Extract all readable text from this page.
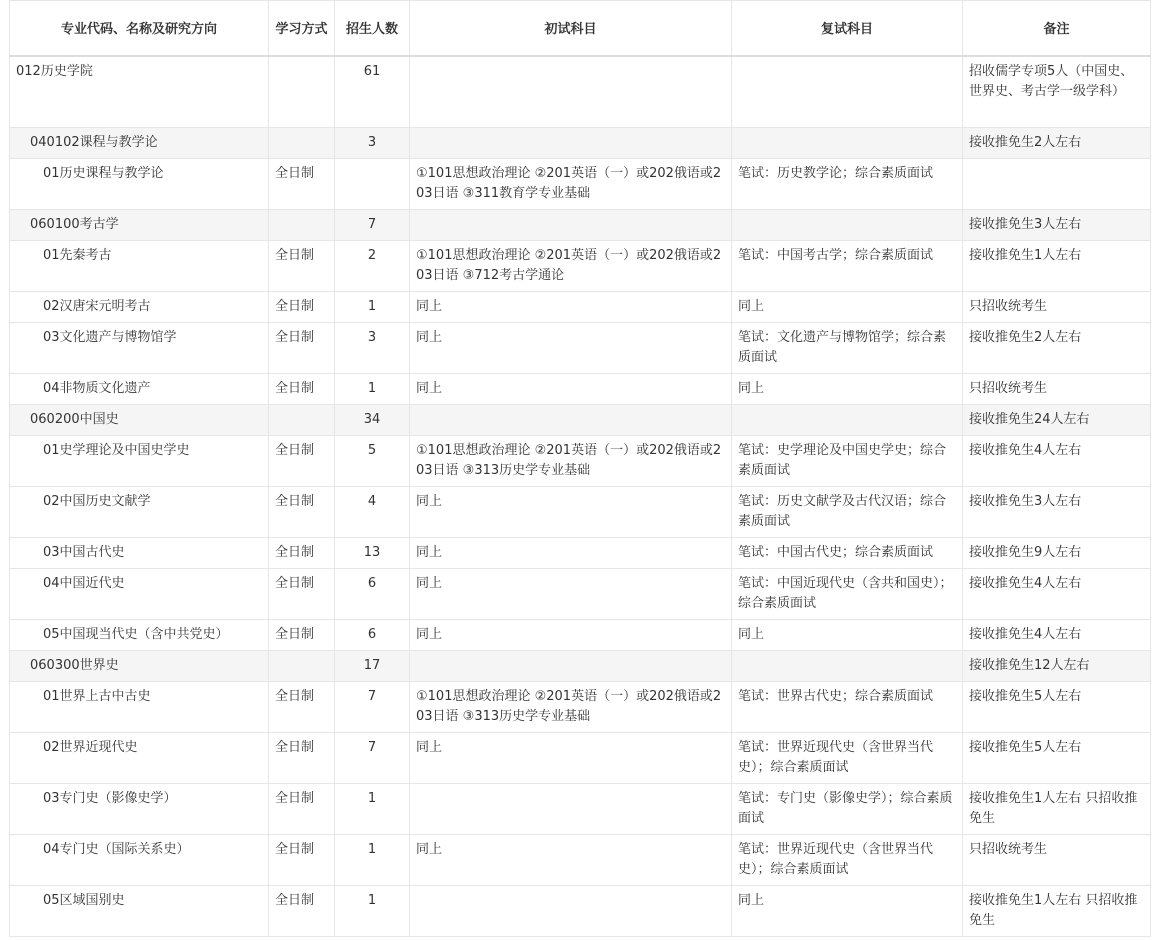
专业代码、名称及研究方向	学习方式	招生人数	初试科目	复试科目	备注
012历史学院		61			招收儒学专项5人（中国史、世界史、考古学一级学科）
040102课程与教学论		3			接收推免生2人左右
01历史课程与教学论	全日制		①101思想政治理论 ②201英语（一）或202俄语或203日语 ③311教育学专业基础	笔试：历史教学论；综合素质面试	
060100考古学		7			接收推免生3人左右
01先秦考古	全日制	2	①101思想政治理论 ②201英语（一）或202俄语或203日语 ③712考古学通论	笔试：中国考古学；综合素质面试	接收推免生1人左右
02汉唐宋元明考古	全日制	1	同上	同上	只招收统考生
03文化遗产与博物馆学	全日制	3	同上	笔试：文化遗产与博物馆学；综合素质面试	接收推免生2人左右
04非物质文化遗产	全日制	1	同上	同上	只招收统考生
060200中国史		34			接收推免生24人左右
01史学理论及中国史学史	全日制	5	①101思想政治理论 ②201英语（一）或202俄语或203日语 ③313历史学专业基础	笔试：史学理论及中国史学史；综合素质面试	接收推免生4人左右
02中国历史文献学	全日制	4	同上	笔试：历史文献学及古代汉语；综合素质面试	接收推免生3人左右
03中国古代史	全日制	13	同上	笔试：中国古代史；综合素质面试	接收推免生9人左右
04中国近代史	全日制	6	同上	笔试：中国近现代史（含共和国史）；综合素质面试	接收推免生4人左右
05中国现当代史（含中共党史）	全日制	6	同上	同上	接收推免生4人左右
060300世界史		17			接收推免生12人左右
01世界上古中古史	全日制	7	①101思想政治理论 ②201英语（一）或202俄语或203日语 ③313历史学专业基础	笔试：世界古代史；综合素质面试	接收推免生5人左右
02世界近现代史	全日制	7	同上	笔试：世界近现代史（含世界当代史）；综合素质面试	接收推免生5人左右
03专门史（影像史学）	全日制	1		笔试：专门史（影像史学）；综合素质面试	接收推免生1人左右 只招收推免生
04专门史（国际关系史）	全日制	1	同上	笔试：世界近现代史（含世界当代史）；综合素质面试	只招收统考生
05区域国别史	全日制	1		同上	接收推免生1人左右 只招收推免生
